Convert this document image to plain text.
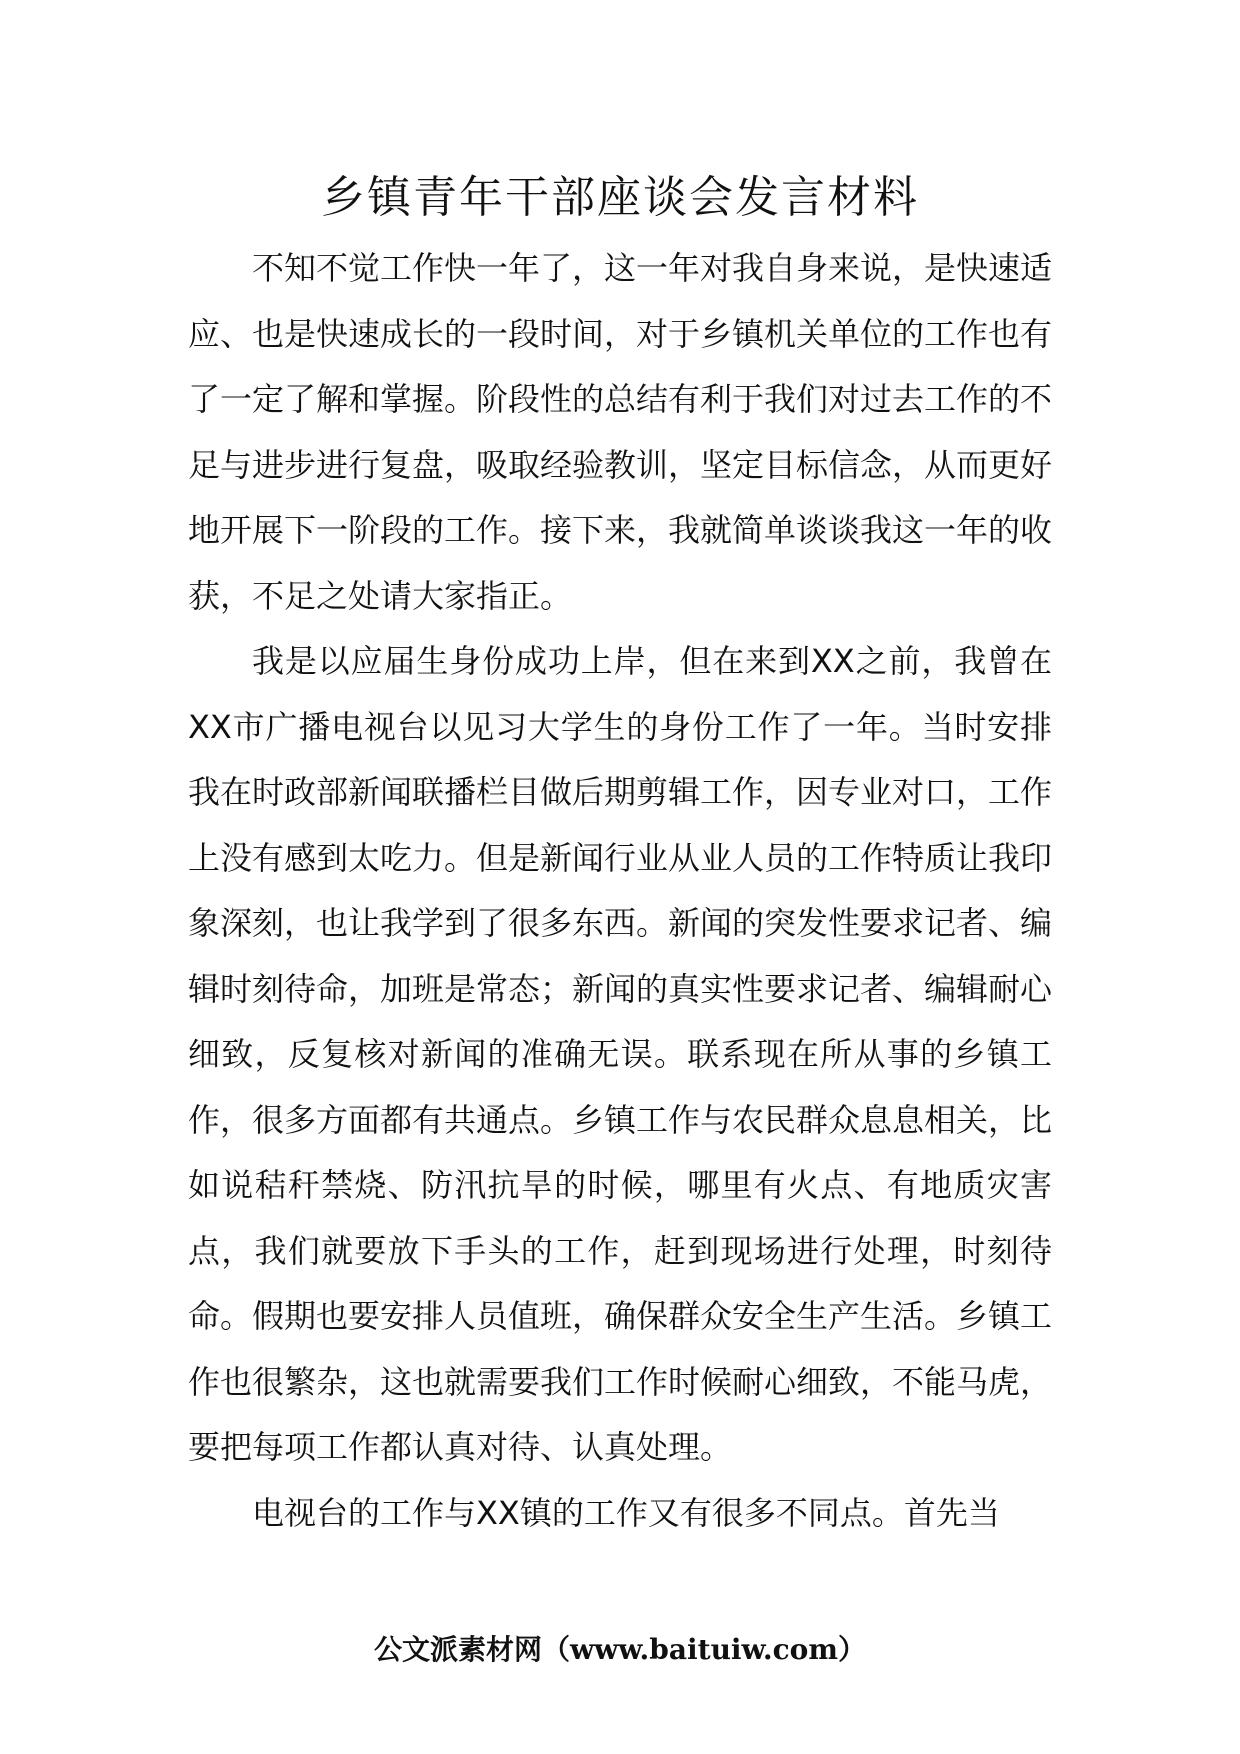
乡镇青年干部座谈会发言材料

不知不觉工作快一年了，这一年对我自身来说，是快速适应、也是快速成长的一段时间，对于乡镇机关单位的工作也有了一定了解和掌握。阶段性的总结有利于我们对过去工作的不足与进步进行复盘，吸取经验教训，坚定目标信念，从而更好地开展下一阶段的工作。接下来，我就简单谈谈我这一年的收获，不足之处请大家指正。

我是以应届生身份成功上岸，但在来到XX之前，我曾在XX市广播电视台以见习大学生的身份工作了一年。当时安排我在时政部新闻联播栏目做后期剪辑工作，因专业对口，工作上没有感到太吃力。但是新闻行业从业人员的工作特质让我印象深刻，也让我学到了很多东西。新闻的突发性要求记者、编辑时刻待命，加班是常态；新闻的真实性要求记者、编辑耐心细致，反复核对新闻的准确无误。联系现在所从事的乡镇工作，很多方面都有共通点。乡镇工作与农民群众息息相关，比如说秸秆禁烧、防汛抗旱的时候，哪里有火点、有地质灾害点，我们就要放下手头的工作，赶到现场进行处理，时刻待命。假期也要安排人员值班，确保群众安全生产生活。乡镇工作也很繁杂，这也就需要我们工作时候耐心细致，不能马虎，要把每项工作都认真对待、认真处理。

电视台的工作与XX镇的工作又有很多不同点。首先当

公文派素材网（www.baituiw.com）
